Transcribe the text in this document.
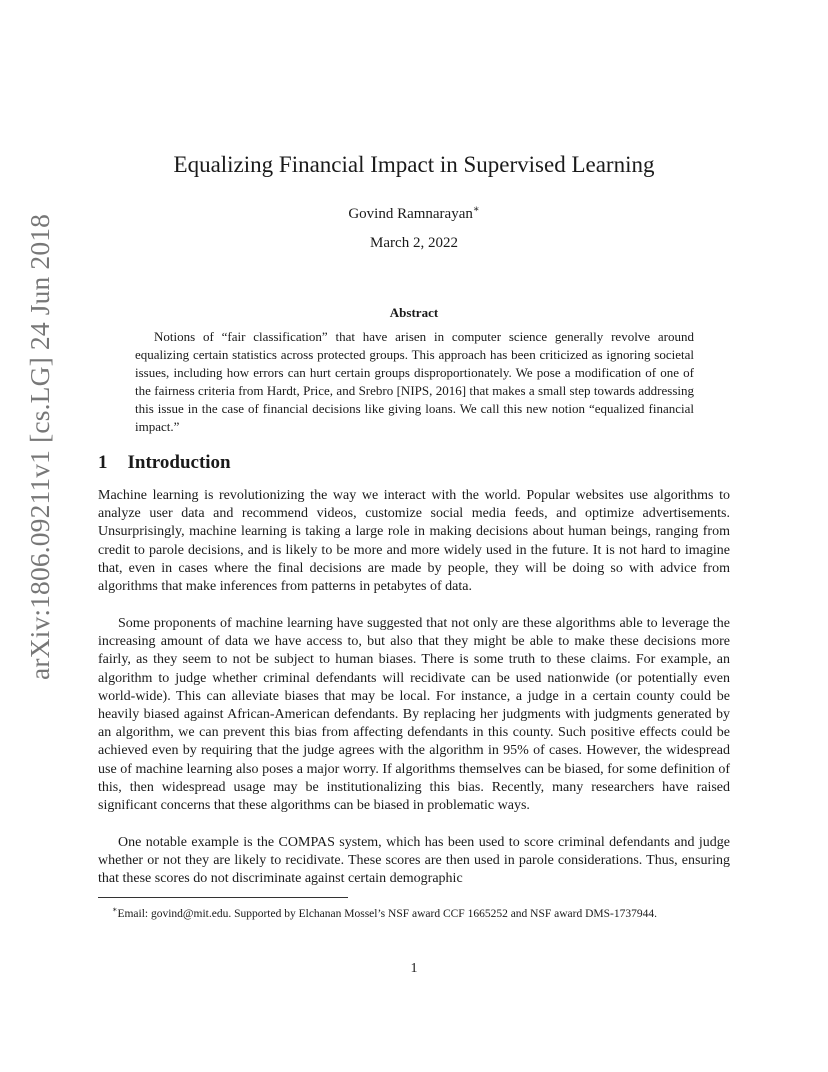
arXiv:1806.09211v1 [cs.LG] 24 Jun 2018
Equalizing Financial Impact in Supervised Learning
Govind Ramnarayan∗
March 2, 2022
Abstract

Notions of “fair classification” that have arisen in computer science generally revolve around equalizing certain statistics across protected groups. This approach has been criticized as ignoring societal issues, including how errors can hurt certain groups disproportionately. We pose a modification of one of the fairness criteria from Hardt, Price, and Srebro [NIPS, 2016] that makes a small step towards addressing this issue in the case of financial decisions like giving loans. We call this new notion “equalized financial impact.”

1 Introduction

Machine learning is revolutionizing the way we interact with the world. Popular websites use algorithms to analyze user data and recommend videos, customize social media feeds, and optimize advertisements. Unsurprisingly, machine learning is taking a large role in making decisions about human beings, ranging from credit to parole decisions, and is likely to be more and more widely used in the future. It is not hard to imagine that, even in cases where the final decisions are made by people, they will be doing so with advice from algorithms that make inferences from patterns in petabytes of data.

Some proponents of machine learning have suggested that not only are these algorithms able to leverage the increasing amount of data we have access to, but also that they might be able to make these decisions more fairly, as they seem to not be subject to human biases. There is some truth to these claims. For example, an algorithm to judge whether criminal defendants will recidivate can be used nationwide (or potentially even world-wide). This can alleviate biases that may be local. For instance, a judge in a certain county could be heavily biased against African-American defendants. By replacing her judgments with judgments generated by an algorithm, we can prevent this bias from affecting defendants in this county. Such positive effects could be achieved even by requiring that the judge agrees with the algorithm in 95% of cases. However, the widespread use of machine learning also poses a major worry. If algorithms themselves can be biased, for some definition of this, then widespread usage may be institutionalizing this bias. Recently, many researchers have raised significant concerns that these algorithms can be biased in problematic ways.

One notable example is the COMPAS system, which has been used to score criminal defendants and judge whether or not they are likely to recidivate. These scores are then used in parole considerations. Thus, ensuring that these scores do not discriminate against certain demographic

∗Email: govind@mit.edu. Supported by Elchanan Mossel’s NSF award CCF 1665252 and NSF award DMS-1737944.

1
